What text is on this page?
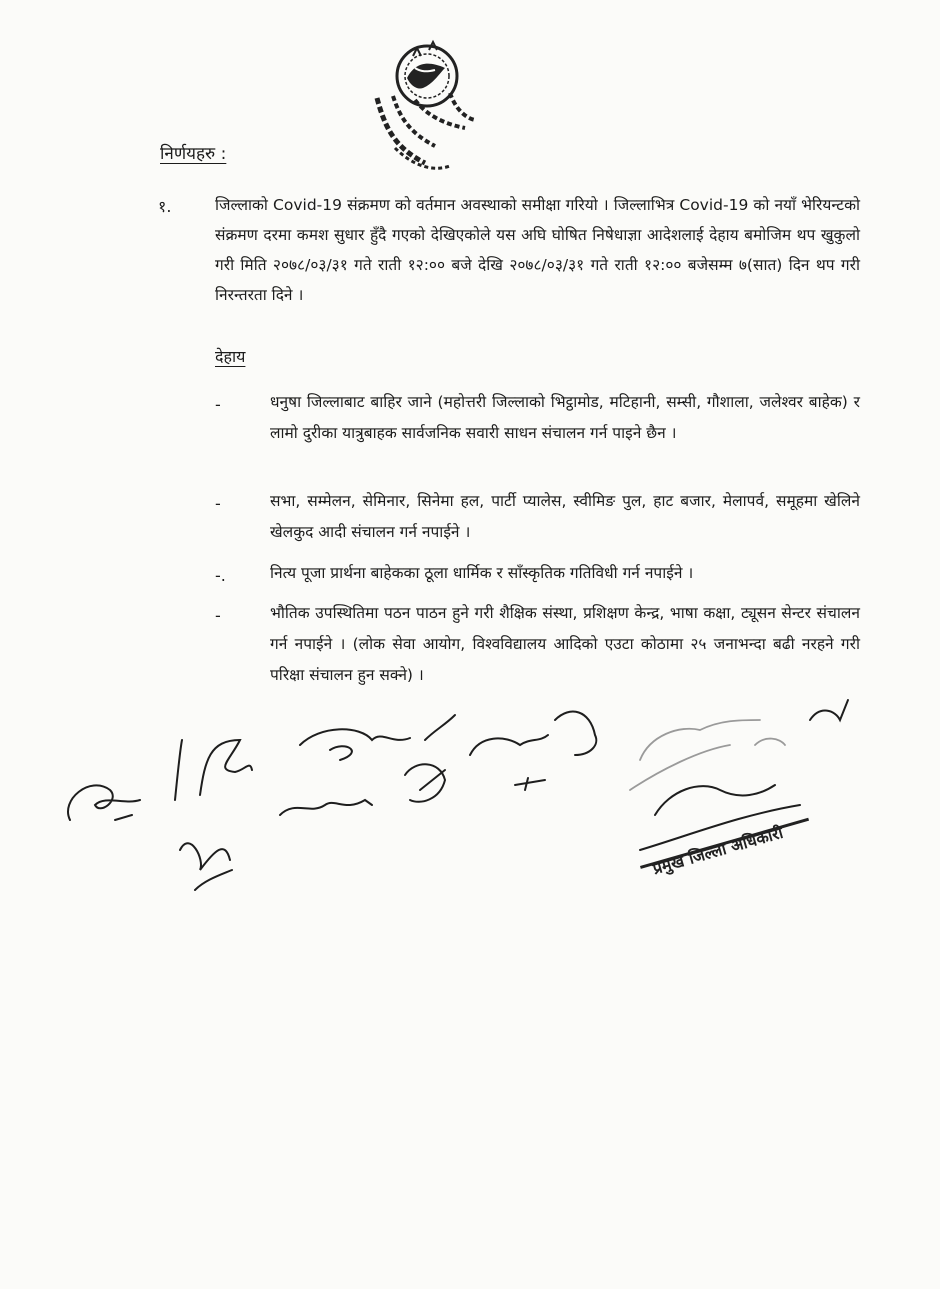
निर्णयहरु :
१.	जिल्लाको Covid-19 संक्रमण को वर्तमान अवस्थाको समीक्षा गरियो । जिल्लाभित्र Covid-19 को नयाँ भेरियन्टको संक्रमण दरमा कमश सुधार हुँदै गएको देखिएकोले यस अघि घोषित निषेधाज्ञा आदेशलाई देहाय बमोजिम थप खुकुलो गरी मिति २०७८/०३/३१ गते राती १२:०० बजे देखि २०७८/०३/३१ गते राती १२:०० बजेसम्म ७(सात) दिन थप गरी निरन्तरता दिने ।
देहाय
-	धनुषा जिल्लाबाट बाहिर जाने (महोत्तरी जिल्लाको भिट्ठामोड, मटिहानी, सम्सी, गौशाला, जलेश्वर बाहेक) र लामो दुरीका यात्रुबाहक सार्वजनिक सवारी साधन संचालन गर्न पाइने छैन ।
-	सभा, सम्मेलन, सेमिनार, सिनेमा हल, पार्टी प्यालेस, स्वीमिङ पुल, हाट बजार, मेलापर्व, समूहमा खेलिने खेलकुद आदी संचालन गर्न नपाईने ।
-.	नित्य पूजा प्रार्थना बाहेकका ठूला धार्मिक र साँस्कृतिक गतिविधी गर्न नपाईने ।
-	भौतिक उपस्थितिमा पठन पाठन हुने गरी शैक्षिक संस्था, प्रशिक्षण केन्द्र, भाषा कक्षा, ट्यूसन सेन्टर संचालन गर्न नपाईने । (लोक सेवा आयोग, विश्वविद्यालय आदिको एउटा कोठामा २५ जनाभन्दा बढी नरहने गरी परिक्षा संचालन हुन सक्ने) ।
प्रमुख जिल्ला अधिकारी
